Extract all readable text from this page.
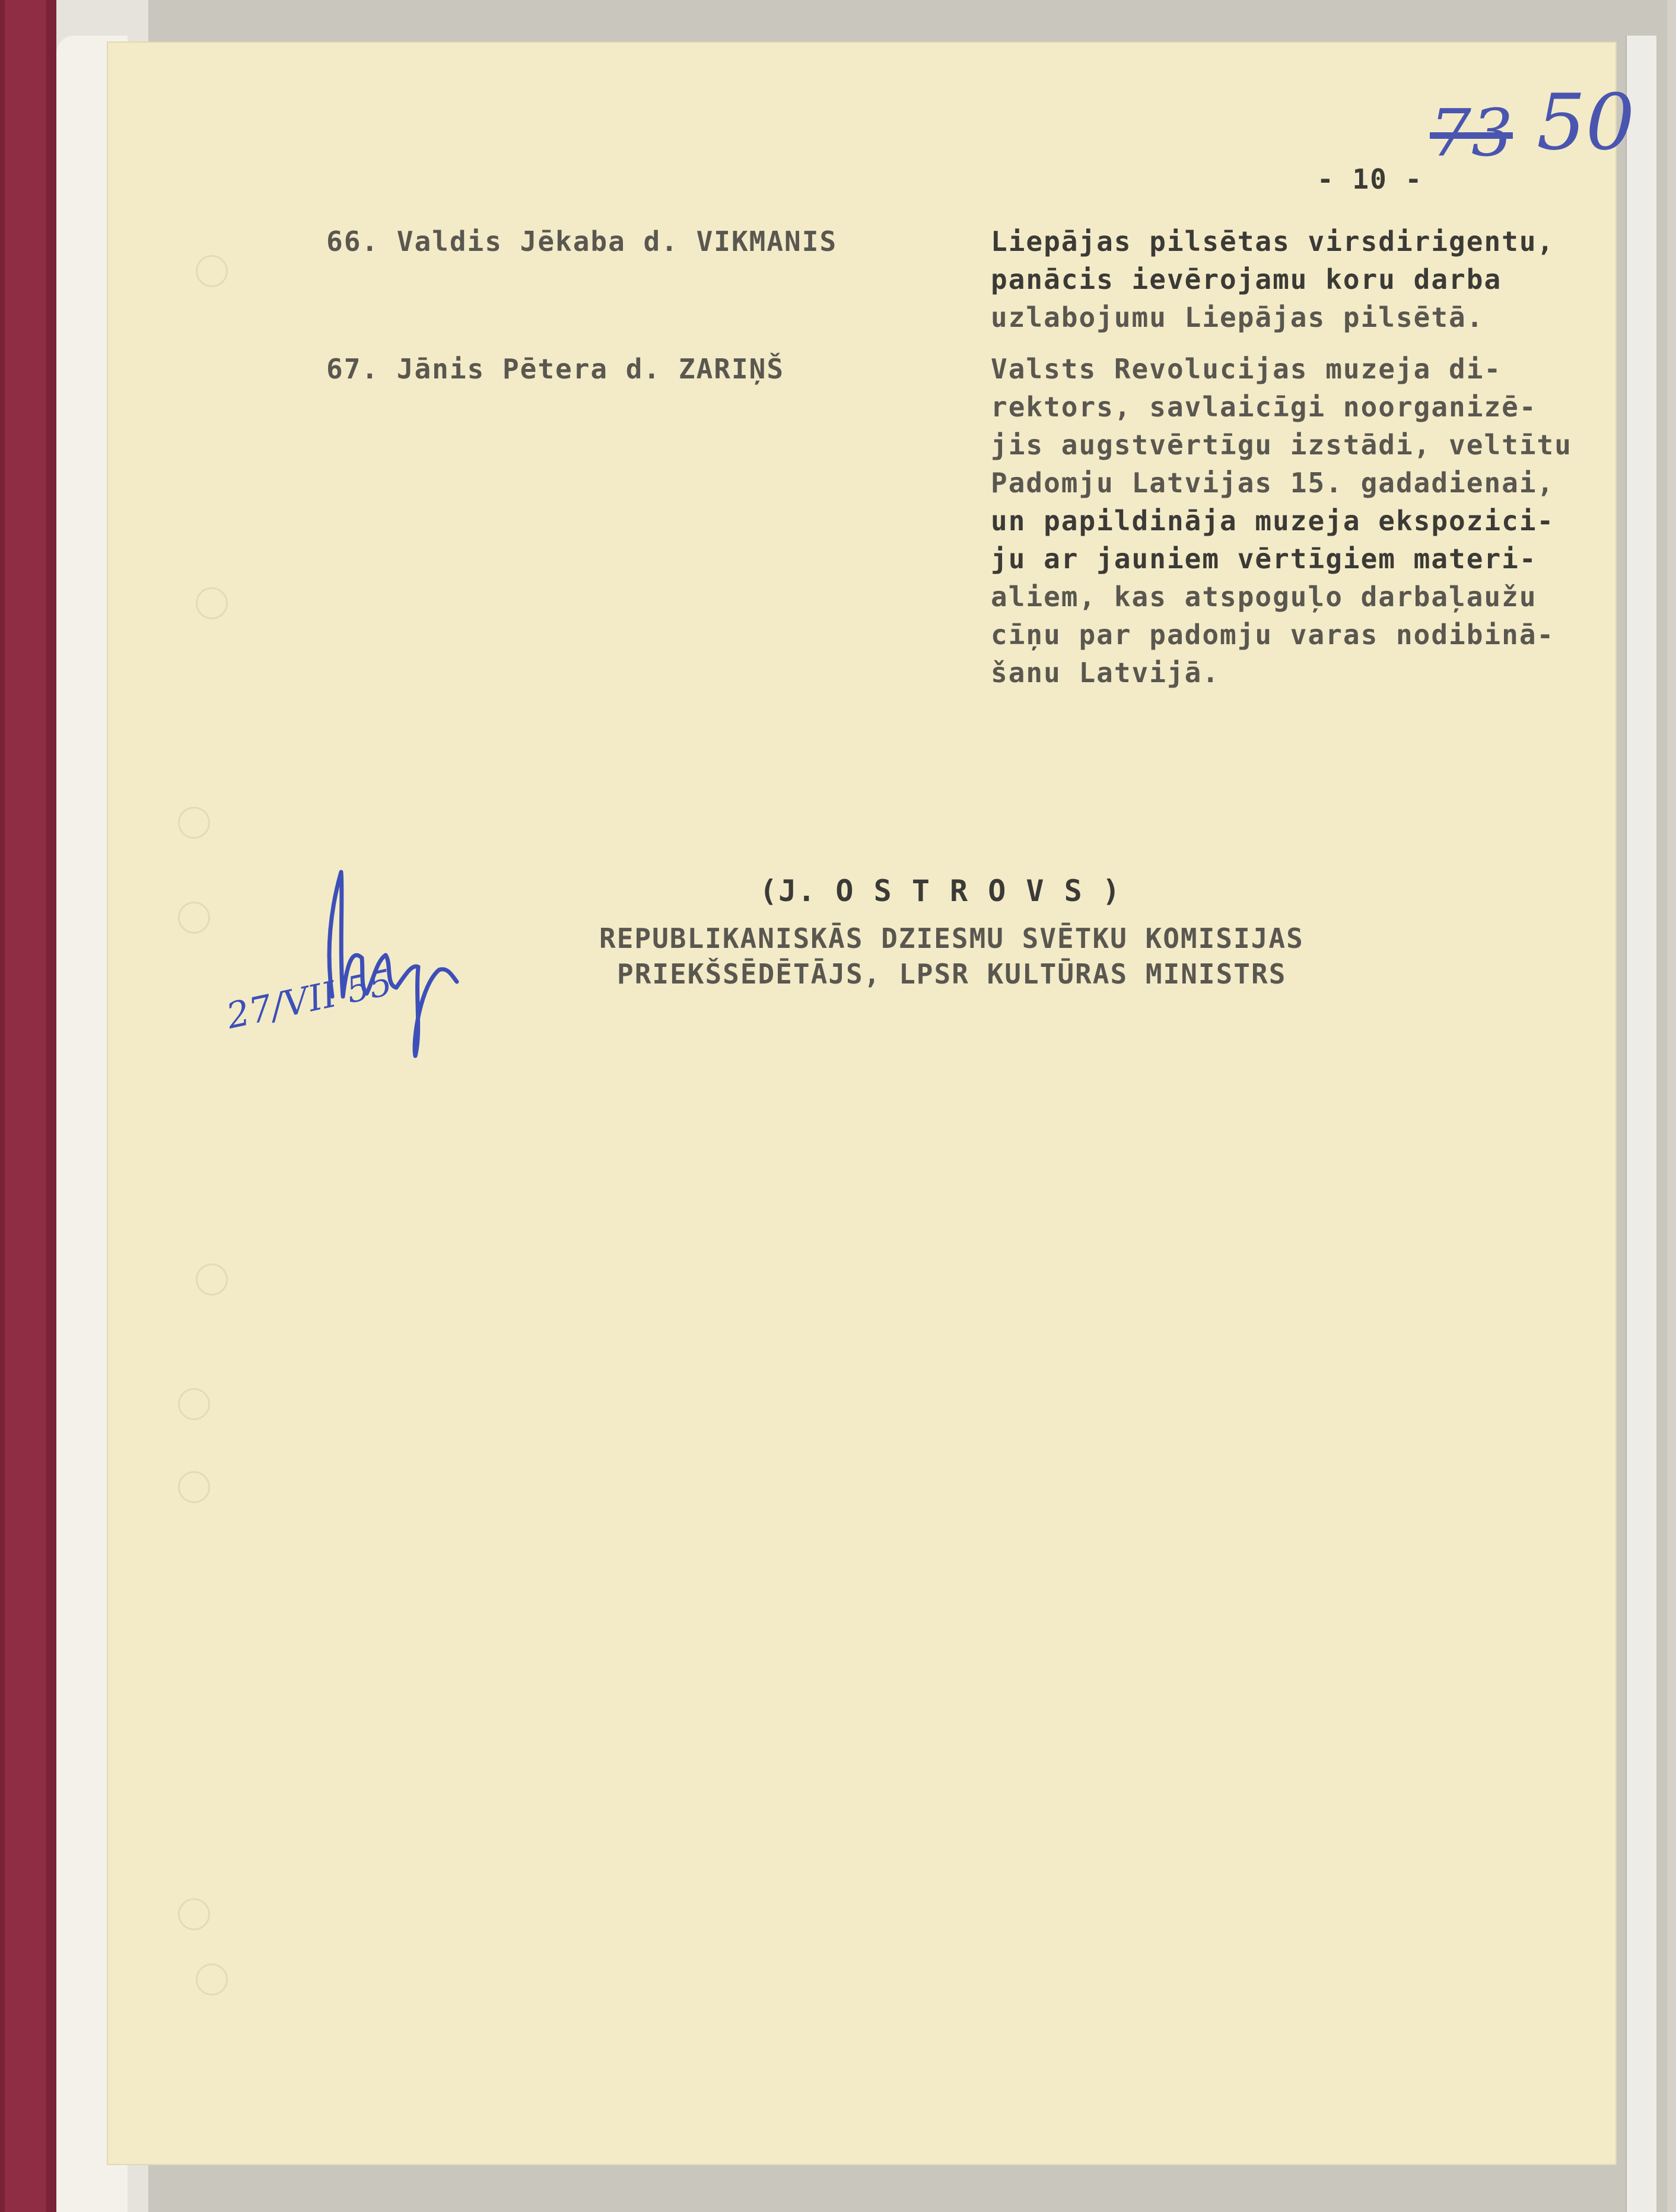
73 50

- 10 -

66. Valdis Jēkaba d. VIKMANIS	Liepājas pilsētas virsdirigentu,

panācis ievērojamu koru darba

uzlabojumu Liepājas pilsētā.

67. Jānis Pētera d. ZARIŅŠ	Valsts Revolucijas muzeja di-

rektors, savlaicīgi noorganizē-

jis augstvērtīgu izstādi, veltītu

Padomju Latvijas 15. gadadienai,

un papildināja muzeja ekspozici-

ju ar jauniem vērtīgiem materi-

aliem, kas atspoguļo darbaļaužu

cīņu par padomju varas nodibinā-

šanu Latvijā.

(J. O S T R O V S )

REPUBLIKANISKĀS DZIESMU SVĒTKU KOMISIJAS

PRIEKŠSĒDĒTĀJS, LPSR KULTŪRAS MINISTRS

27/VII 55
